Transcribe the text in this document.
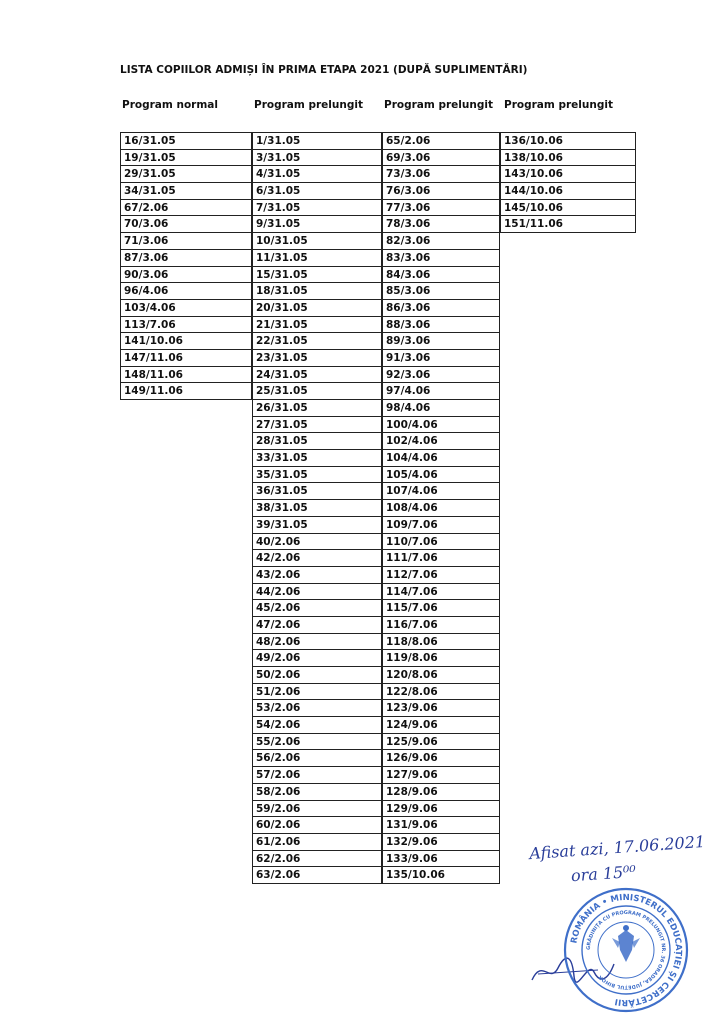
LISTA COPIILOR ADMIȘI ÎN PRIMA ETAPA 2021 (DUPĂ SUPLIMENTĂRI)
Program normal	Program prelungit Program prelungit Program prelungit
16/31.05
19/31.05
29/31.05
34/31.05
67/2.06
70/3.06
71/3.06
87/3.06
90/3.06
96/4.06
103/4.06
113/7.06
141/10.06
147/11.06
148/11.06
149/11.06
1/31.05
3/31.05
4/31.05
6/31.05
7/31.05
9/31.05
10/31.05
11/31.05
15/31.05
18/31.05
20/31.05
21/31.05
22/31.05
23/31.05
24/31.05
25/31.05
26/31.05
27/31.05
28/31.05
33/31.05
35/31.05
36/31.05
38/31.05
39/31.05
40/2.06
42/2.06
43/2.06
44/2.06
45/2.06
47/2.06
48/2.06
49/2.06
50/2.06
51/2.06
53/2.06
54/2.06
55/2.06
56/2.06
57/2.06
58/2.06
59/2.06
60/2.06
61/2.06
62/2.06
63/2.06
65/2.06
69/3.06
73/3.06
76/3.06
77/3.06
78/3.06
82/3.06
83/3.06
84/3.06
85/3.06
86/3.06
88/3.06
89/3.06
91/3.06
92/3.06
97/4.06
98/4.06
100/4.06
102/4.06
104/4.06
105/4.06
107/4.06
108/4.06
109/7.06
110/7.06
111/7.06
112/7.06
114/7.06
115/7.06
116/7.06
118/8.06
119/8.06
120/8.06
122/8.06
123/9.06
124/9.06
125/9.06
126/9.06
127/9.06
128/9.06
129/9.06
131/9.06
132/9.06
133/9.06
135/10.06
136/10.06
138/10.06
143/10.06
144/10.06
145/10.06
151/11.06
Afisat azi, 17.06.2021
ora 15⁰⁰
ROMÂNIA • MINISTERUL EDUCAȚIEI ȘI CERCETĂRII
GRĂDINIȚA CU PROGRAM PRELUNGIT NR. 36 ORADEA, JUDEȚUL BIHOR
